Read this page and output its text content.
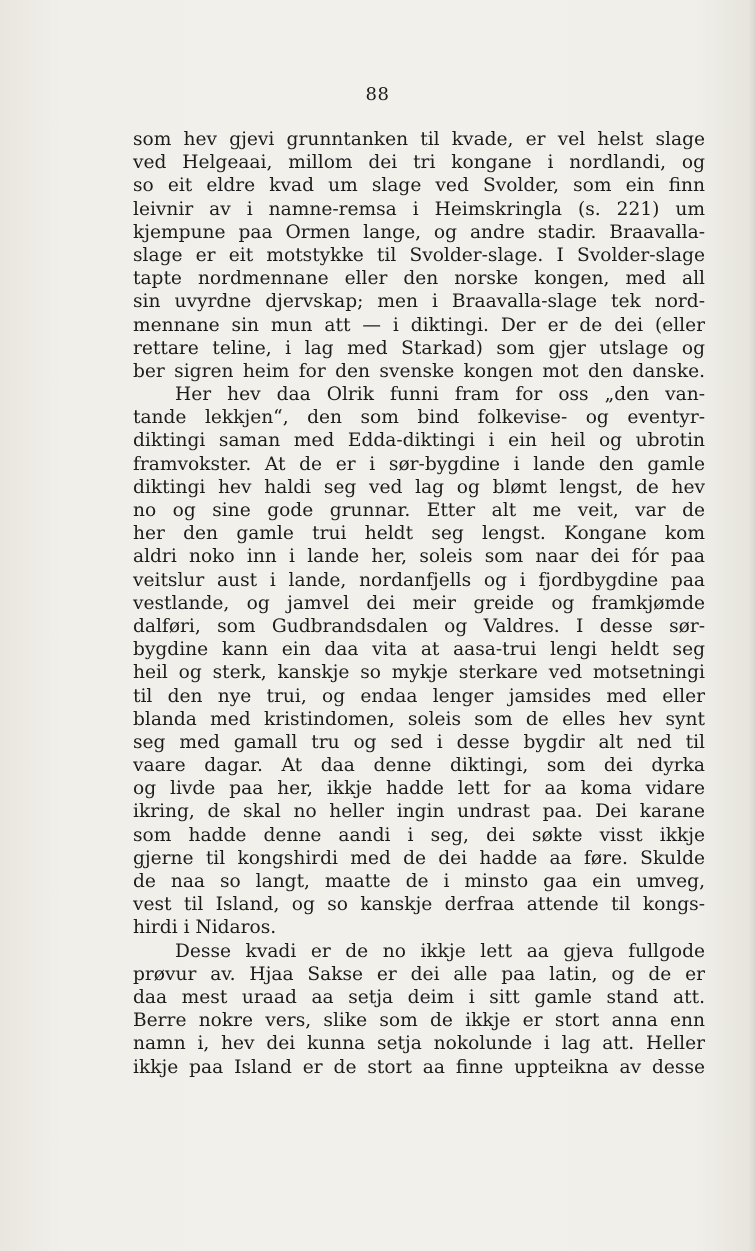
88
som hev gjevi grunntanken til kvade, er vel helst slage
ved Helgeaai, millom dei tri kongane i nordlandi, og
so eit eldre kvad um slage ved Svolder, som ein finn
leivnir av i namne-remsa i Heimskringla (s. 221) um
kjempune paa Ormen lange, og andre stadir. Braavalla-
slage er eit motstykke til Svolder-slage. I Svolder-slage
tapte nordmennane eller den norske kongen, med all
sin uvyrdne djervskap; men i Braavalla-slage tek nord-
mennane sin mun att — i diktingi. Der er de dei (eller
rettare teline, i lag med Starkad) som gjer utslage og
ber sigren heim for den svenske kongen mot den danske.
Her hev daa Olrik funni fram for oss „den van-
tande lekkjen“, den som bind folkevise- og eventyr-
diktingi saman med Edda-diktingi i ein heil og ubrotin
framvokster. At de er i sør-bygdine i lande den gamle
diktingi hev haldi seg ved lag og blømt lengst, de hev
no og sine gode grunnar. Etter alt me veit, var de
her den gamle trui heldt seg lengst. Kongane kom
aldri noko inn i lande her, soleis som naar dei fór paa
veitslur aust i lande, nordanfjells og i fjordbygdine paa
vestlande, og jamvel dei meir greide og framkjømde
dalføri, som Gudbrandsdalen og Valdres. I desse sør-
bygdine kann ein daa vita at aasa-trui lengi heldt seg
heil og sterk, kanskje so mykje sterkare ved motsetningi
til den nye trui, og endaa lenger jamsides med eller
blanda med kristindomen, soleis som de elles hev synt
seg med gamall tru og sed i desse bygdir alt ned til
vaare dagar. At daa denne diktingi, som dei dyrka
og livde paa her, ikkje hadde lett for aa koma vidare
ikring, de skal no heller ingin undrast paa. Dei karane
som hadde denne aandi i seg, dei søkte visst ikkje
gjerne til kongshirdi med de dei hadde aa føre. Skulde
de naa so langt, maatte de i minsto gaa ein umveg,
vest til Island, og so kanskje derfraa attende til kongs-
hirdi i Nidaros.
Desse kvadi er de no ikkje lett aa gjeva fullgode
prøvur av. Hjaa Sakse er dei alle paa latin, og de er
daa mest uraad aa setja deim i sitt gamle stand att.
Berre nokre vers, slike som de ikkje er stort anna enn
namn i, hev dei kunna setja nokolunde i lag att. Heller
ikkje paa Island er de stort aa finne uppteikna av desse
